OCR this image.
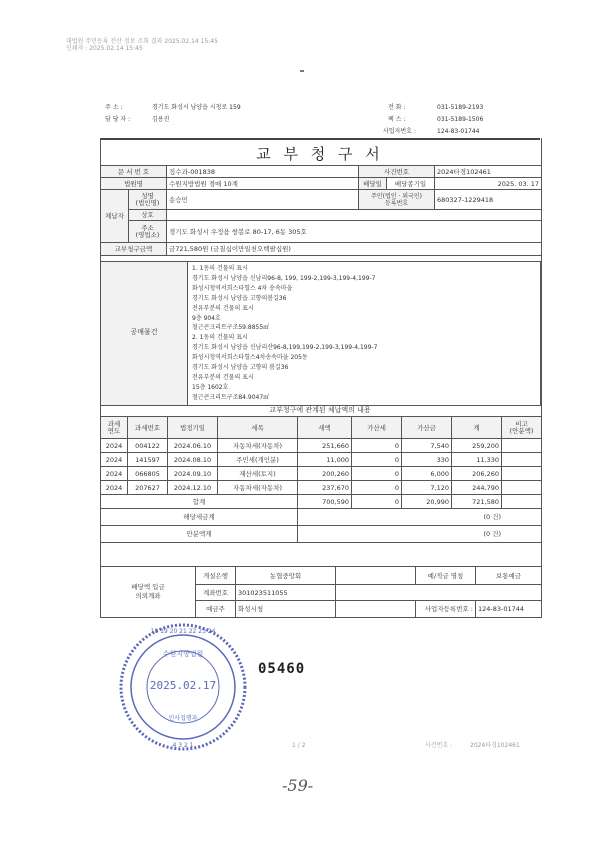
대법원 주민등록 전산 정보 조회 결과 2025.02.14 15:45
인쇄자 : 2025.02.14 15:45
주 소 :	경기도 화성시 남양읍 시청로 159
담 당 자 :	김용진
전 화 :	031-5189-2193
팩 스 :	031-5189-1506
사업자번호 :	124-83-01744
교 부 청 구 서
문 서 번 호		징수과-001838	사건번호		2024타경102461
법원명		수원지방법원 경매 10계	배당일	배당종기일	2025. 03. 17
체납자	성명
(법인명)	송승민	주민(법인 · 외국인)
등록번호		680327-1229418
	상호				
	주소
(영업소)	경기도 화성시 우정읍 쌍봉로 80-17, 6동 305호			
교부청구금액		금721,580원 (금칠십이만일천오백팔십원)			
공매물건
1. 1동의 건물의 표시
경기도 화성시 남양읍 신남리96-8, 199, 199-2,199-3,199-4,199-7
화성시청역서희스타힐스 4차 송속마을
경기도 화성시 남양읍 고향의봄길36
전유부분의 건물의 표시
9층 904호
철근콘크리트구조59.8855㎡
2. 1동의 건물의 표시
경기도 화성시 남양읍 신남리산96-8,199,199-2,199-3,199-4,199-7
화성시청역서희스타힐스4차송속마을 205동
경기도 화성시 남양읍 고향의 봄길36
전유부분의 건물의 표시
15층 1602호
철근콘크리트구조84.9047㎡
교부청구에 관계된 체납액의 내용
과세
연도	과세번호	법정기일	세목	세액	가산세	가산금	계	비고
(안분액)
2024	004122	2024.06.10	자동차세(자동차)	251,660	0	7,540	259,200	
2024	141597	2024.08.10	주민세(개인분)	11,000	0	330	11,330	
2024	066805	2024.09.10	재산세(토지)	200,260	0	6,000	206,260	
2024	207627	2024.12.10	자동차세(자동차)	237,670	0	7,120	244,790	
합계				700,590	0	20,990	721,580	
해당세금계				(0 건)				
안분액계				(0 건)				
배당액 입금
의뢰계좌	개설은행	농협중앙회		예/적금 명칭	보통예금
	계좌번호	301023511055			
	예금주	화성시청		사업자등록번호 :	124-83-01744
18 19 20 21 22 23 24
4 3 2 1
수원지방법원
2025.02.17
민사집행과
05460
1 / 2	사건번호 :	2024타경102461
-59-
